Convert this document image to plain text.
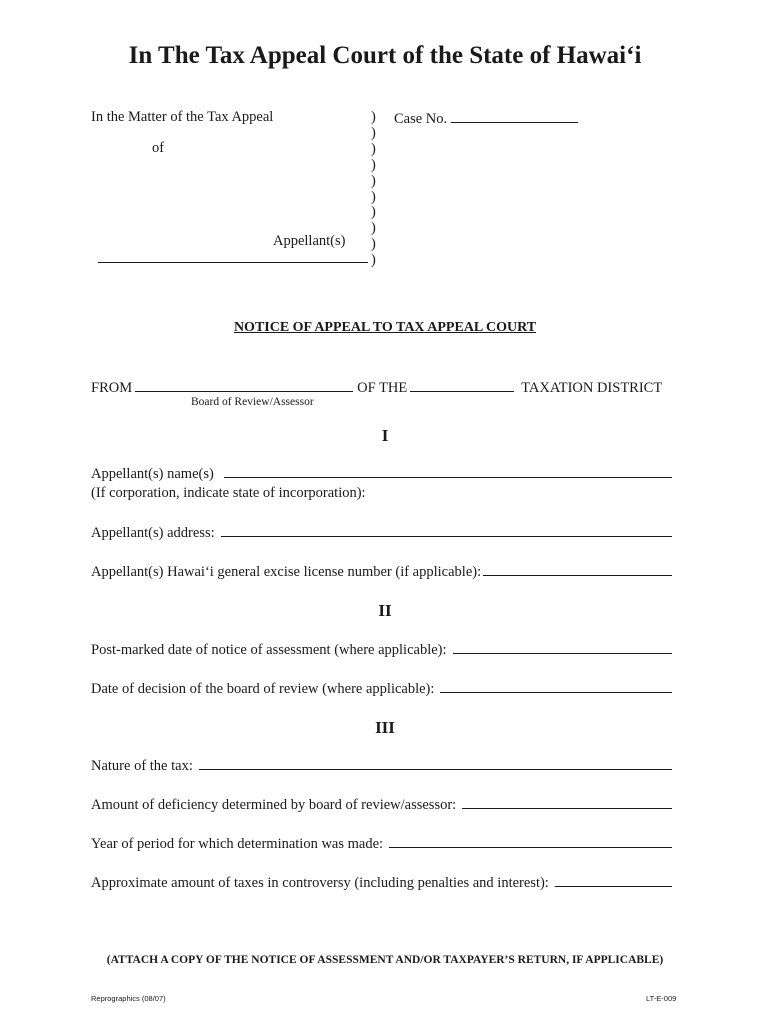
In The Tax Appeal Court of the State of Hawai‘i
In the Matter of the Tax Appeal
of
Appellant(s)
)
)
)
)
)
)
)
)
)
)
Case No.
NOTICE OF APPEAL TO TAX APPEAL COURT
FROM	OF THE	TAXATION DISTRICT
Board of Review/Assessor
I
Appellant(s) name(s)
(If corporation, indicate state of incorporation):
Appellant(s) address:
Appellant(s) Hawai‘i general excise license number (if applicable):
II
Post-marked date of notice of assessment (where applicable):
Date of decision of the board of review (where applicable):
III
Nature of the tax:
Amount of deficiency determined by board of review/assessor:
Year of period for which determination was made:
Approximate amount of taxes in controversy (including penalties and interest):
(ATTACH A COPY OF THE NOTICE OF ASSESSMENT AND/OR TAXPAYER’S RETURN, IF APPLICABLE)
Reprographics (08/07)	LT-E-009
